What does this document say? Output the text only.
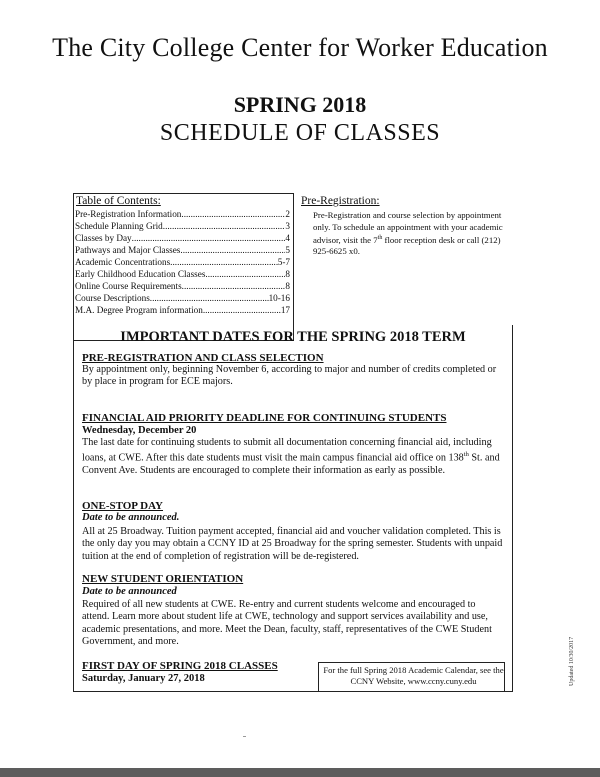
The City College Center for Worker Education
SPRING 2018
SCHEDULE OF CLASSES
Table of Contents:
Pre-Registration Information .....	2
Schedule Planning Grid .....	3
Classes by Day .....	4
Pathways and Major Classes .....	5
Academic Concentrations .....	5-7
Early Childhood Education Classes .....	8
Online Course Requirements .....	8
Course Descriptions .....	10-16
M.A. Degree Program information .....	17
Pre-Registration:
Pre-Registration and course selection by appointment only. To schedule an appointment with your academic advisor, visit the 7th floor reception desk or call (212) 925-6625 x0.
IMPORTANT DATES FOR THE SPRING 2018 TERM
PRE-REGISTRATION AND CLASS SELECTION
By appointment only, beginning November 6, according to major and number of credits completed or by place in program for ECE majors.
FINANCIAL AID PRIORITY DEADLINE FOR CONTINUING STUDENTS
Wednesday, December 20
The last date for continuing students to submit all documentation concerning financial aid, including loans, at CWE. After this date students must visit the main campus financial aid office on 138th St. and Convent Ave. Students are encouraged to complete their information as early as possible.
ONE-STOP DAY
Date to be announced.
All at 25 Broadway. Tuition payment accepted, financial aid and voucher validation completed. This is the only day you may obtain a CCNY ID at 25 Broadway for the spring semester. Students with unpaid tuition at the end of completion of registration will be de-registered.
NEW STUDENT ORIENTATION
Date to be announced
Required of all new students at CWE. Re-entry and current students welcome and encouraged to attend. Learn more about student life at CWE, technology and support services availability and use, academic presentations, and more. Meet the Dean, faculty, staff, representatives of the CWE Student Government, and more.
FIRST DAY OF SPRING 2018 CLASSES
Saturday, January 27, 2018
For the full Spring 2018 Academic Calendar, see the CCNY Website, www.ccny.cuny.edu	Updated 10/30/2017
